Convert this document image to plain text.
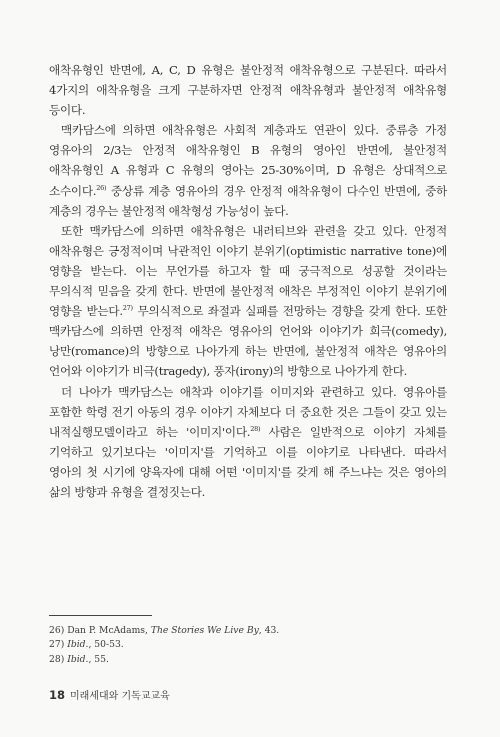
애착유형인 반면에, A, C, D 유형은 불안정적 애착유형으로 구분된다. 따라서 4가지의 애착유형을 크게 구분하자면 안정적 애착유형과 불안정적 애착유형 등이다.

맥카담스에 의하면 애착유형은 사회적 계층과도 연관이 있다. 중류층 가정 영유아의 2/3는 안정적 애착유형인 B 유형의 영아인 반면에, 불안정적 애착유형인 A 유형과 C 유형의 영아는 25-30%이며, D 유형은 상대적으로 소수이다.$^{26)}$ 중상류 계층 영유아의 경우 안정적 애착유형이 다수인 반면에, 중하 계층의 경우는 불안정적 애착형성 가능성이 높다.

또한 맥카담스에 의하면 애착유형은 내러티브와 관련을 갖고 있다. 안정적 애착유형은 긍정적이며 낙관적인 이야기 분위기(optimistic narrative tone)에 영향을 받는다. 이는 무언가를 하고자 할 때 궁극적으로 성공할 것이라는 무의식적 믿음을 갖게 한다. 반면에 불안정적 애착은 부정적인 이야기 분위기에 영향을 받는다.$^{27)}$ 무의식적으로 좌절과 실패를 전망하는 경향을 갖게 한다. 또한 맥카담스에 의하면 안정적 애착은 영유아의 언어와 이야기가 희극(comedy), 낭만(romance)의 방향으로 나아가게 하는 반면에, 불안정적 애착은 영유아의 언어와 이야기가 비극(tragedy), 풍자(irony)의 방향으로 나아가게 한다.

더 나아가 맥카담스는 애착과 이야기를 이미지와 관련하고 있다. 영유아를 포함한 학령 전기 아동의 경우 이야기 자체보다 더 중요한 것은 그들이 갖고 있는 내적실행모델이라고 하는 '이미지'이다.$^{28)}$ 사람은 일반적으로 이야기 자체를 기억하고 있기보다는 '이미지'를 기억하고 이를 이야기로 나타낸다. 따라서 영아의 첫 시기에 양육자에 대해 어떤 '이미지'를 갖게 해 주느냐는 것은 영아의 삶의 방향과 유형을 결정짓는다.

26) Dan P. McAdams, The Stories We Live By, 43.
27) Ibid., 50-53.
28) Ibid., 55.
18 미래세대와 기독교교육
